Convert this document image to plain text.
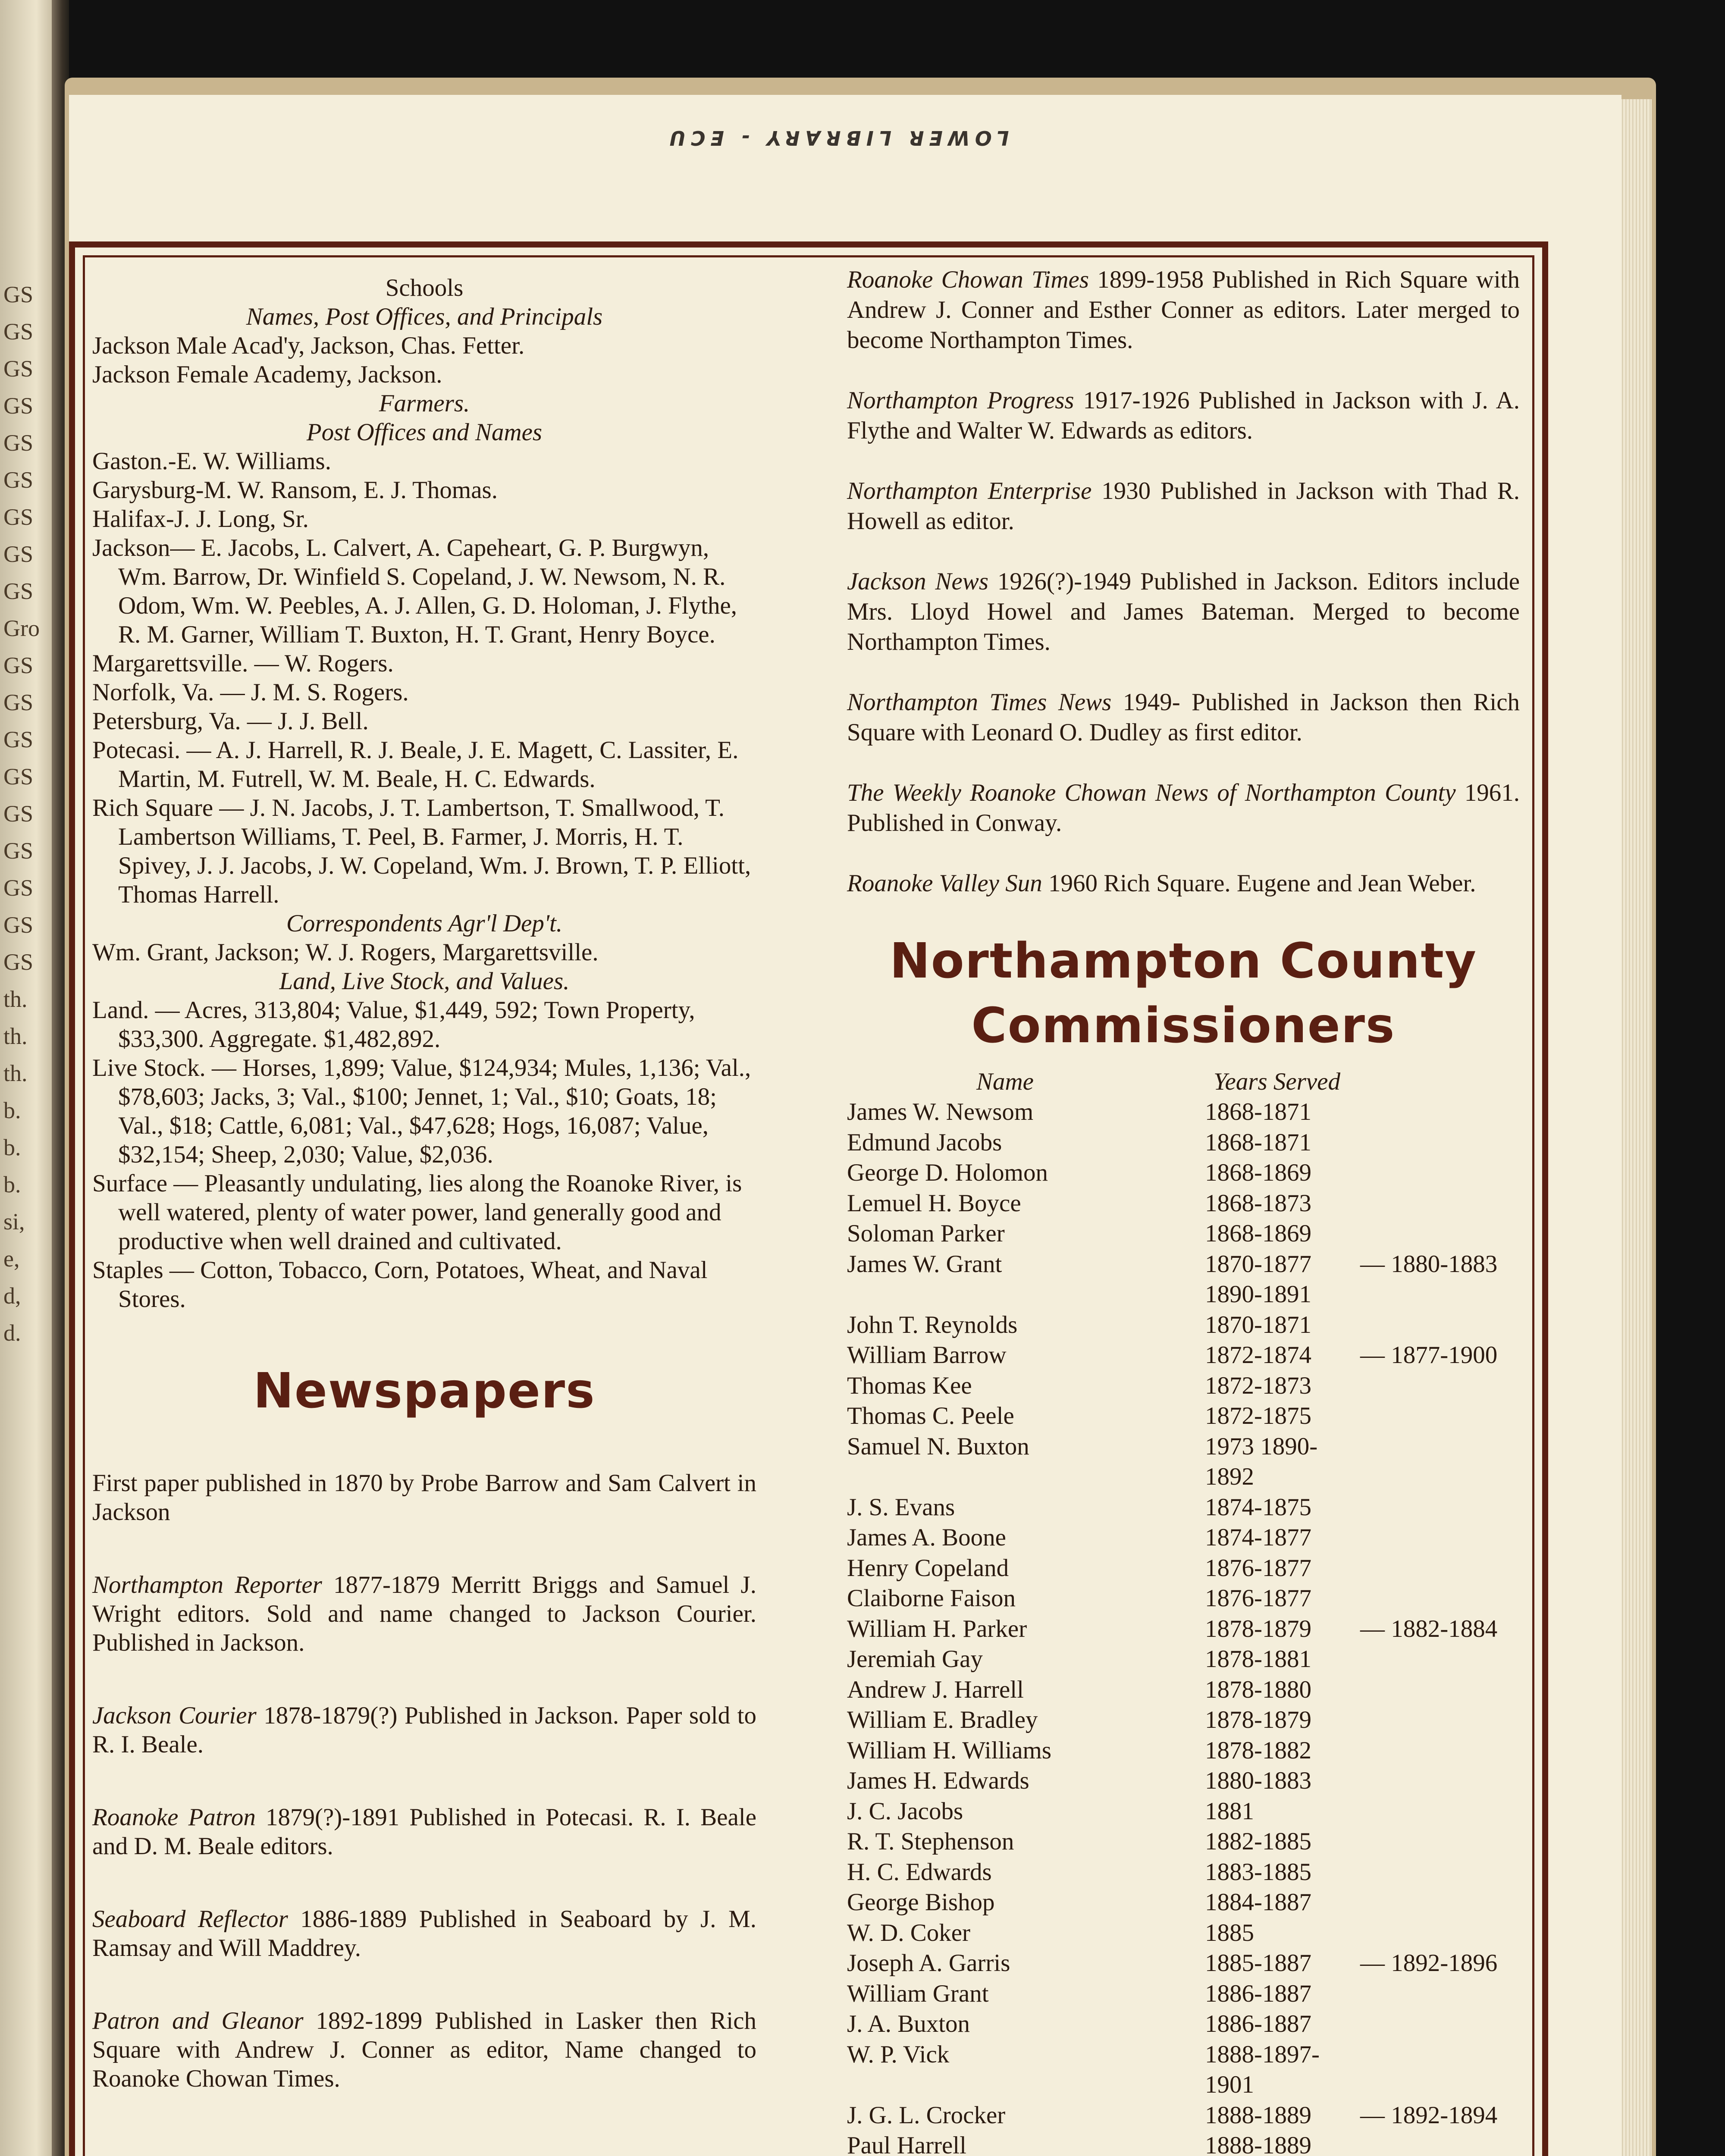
GS
GS
GS
GS
GS
GS
GS
GS
GS
Gro
GS
GS
GS
GS
GS
GS
GS
GS
GS
th.
th.
th.
b.
b.
b.
si,
e,
d,
d.
LOWER LIBRARY - ECU

Schools

Names, Post Offices, and Principals

Jackson Male Acad'y, Jackson, Chas. Fetter.

Jackson Female Academy, Jackson.

Farmers.

Post Offices and Names

Gaston.-E. W. Williams.

Garysburg-M. W. Ransom, E. J. Thomas.

Halifax-J. J. Long, Sr.

Jackson— E. Jacobs, L. Calvert, A. Capeheart, G. P. Burgwyn, Wm. Barrow, Dr. Winfield S. Copeland, J. W. Newsom, N. R. Odom, Wm. W. Peebles, A. J. Allen, G. D. Holoman, J. Flythe, R. M. Garner, William T. Buxton, H. T. Grant, Henry Boyce.

Margarettsville. — W. Rogers.

Norfolk, Va. — J. M. S. Rogers.

Petersburg, Va. — J. J. Bell.

Potecasi. — A. J. Harrell, R. J. Beale, J. E. Magett, C. Lassiter, E. Martin, M. Futrell, W. M. Beale, H. C. Edwards.

Rich Square — J. N. Jacobs, J. T. Lambertson, T. Smallwood, T. Lambertson Williams, T. Peel, B. Farmer, J. Morris, H. T. Spivey, J. J. Jacobs, J. W. Copeland, Wm. J. Brown, T. P. Elliott, Thomas Harrell.

Correspondents Agr'l Dep't.

Wm. Grant, Jackson; W. J. Rogers, Margarettsville.

Land, Live Stock, and Values.

Land. — Acres, 313,804; Value, $1,449, 592; Town Property, $33,300. Aggregate. $1,482,892.

Live Stock. — Horses, 1,899; Value, $124,934; Mules, 1,136; Val., $78,603; Jacks, 3; Val., $100; Jennet, 1; Val., $10; Goats, 18; Val., $18; Cattle, 6,081; Val., $47,628; Hogs, 16,087; Value, $32,154; Sheep, 2,030; Value, $2,036.

Surface — Pleasantly undulating, lies along the Roanoke River, is well watered, plenty of water power, land generally good and productive when well drained and cultivated.

Staples — Cotton, Tobacco, Corn, Potatoes, Wheat, and Naval Stores.

Newspapers

First paper published in 1870 by Probe Barrow and Sam Calvert in Jackson

Northampton Reporter 1877-1879 Merritt Briggs and Samuel J. Wright editors. Sold and name changed to Jackson Courier. Published in Jackson.

Jackson Courier 1878-1879(?) Published in Jackson. Paper sold to R. I. Beale.

Roanoke Patron 1879(?)-1891 Published in Potecasi. R. I. Beale and D. M. Beale editors.

Seaboard Reflector 1886-1889 Published in Seaboard by J. M. Ramsay and Will Maddrey.

Patron and Gleanor 1892-1899 Published in Lasker then Rich Square with Andrew J. Conner as editor, Name changed to Roanoke Chowan Times.

Roanoke Chowan Times 1899-1958 Published in Rich Square with Andrew J. Conner and Esther Conner as editors. Later merged to become Northampton Times.

Northampton Progress 1917-1926 Published in Jackson with J. A. Flythe and Walter W. Edwards as editors.

Northampton Enterprise 1930 Published in Jackson with Thad R. Howell as editor.

Jackson News 1926(?)-1949 Published in Jackson. Editors include Mrs. Lloyd Howel and James Bateman. Merged to become Northampton Times.

Northampton Times News 1949- Published in Jackson then Rich Square with Leonard O. Dudley as first editor.

The Weekly Roanoke Chowan News of Northampton County 1961. Published in Conway.

Roanoke Valley Sun 1960 Rich Square. Eugene and Jean Weber.

Northampton County Commissioners
Name	Years Served	
James W. Newsom	1868-1871	
Edmund Jacobs	1868-1871	
George D. Holomon	1868-1869	
Lemuel H. Boyce	1868-1873	
Soloman Parker	1868-1869	
James W. Grant	1870-1877	— 1880-1883
	1890-1891	
John T. Reynolds	1870-1871	
William Barrow	1872-1874	— 1877-1900
Thomas Kee	1872-1873	
Thomas C. Peele	1872-1875	
Samuel N. Buxton	1973 1890-1892	
J. S. Evans	1874-1875	
James A. Boone	1874-1877	
Henry Copeland	1876-1877	
Claiborne Faison	1876-1877	
William H. Parker	1878-1879	— 1882-1884
Jeremiah Gay	1878-1881	
Andrew J. Harrell	1878-1880	
William E. Bradley	1878-1879	
William H. Williams	1878-1882	
James H. Edwards	1880-1883	
J. C. Jacobs	1881	
R. T. Stephenson	1882-1885	
H. C. Edwards	1883-1885	
George Bishop	1884-1887	
W. D. Coker	1885	
Joseph A. Garris	1885-1887	— 1892-1896
William Grant	1886-1887	
J. A. Buxton	1886-1887	
W. P. Vick	1888-1897-1901	
J. G. L. Crocker	1888-1889	— 1892-1894
Paul Harrell	1888-1889	
